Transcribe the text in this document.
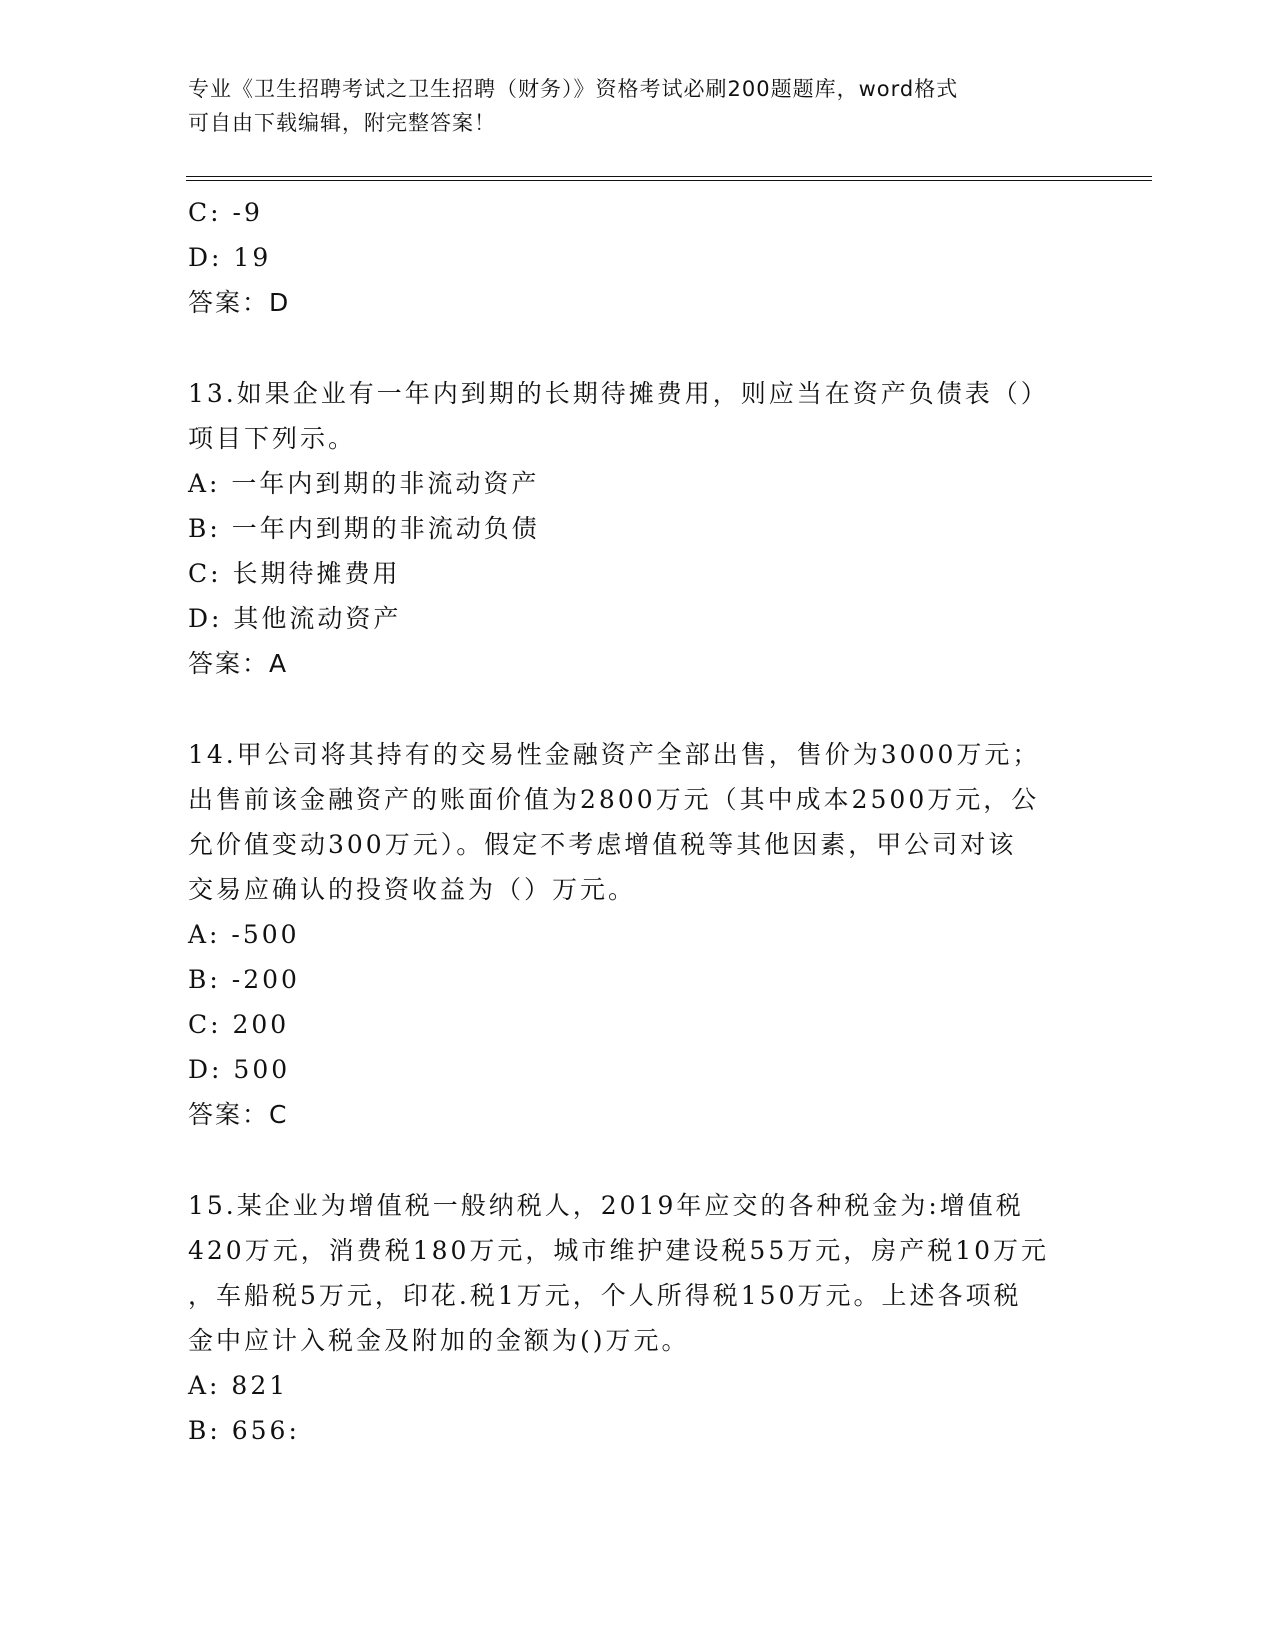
专业《卫生招聘考试之卫生招聘（财务）》资格考试必刷200题题库，word格式
可自由下载编辑，附完整答案！
C: -9
D: 19
答案：D
13.如果企业有一年内到期的长期待摊费用，则应当在资产负债表（）
项目下列示。
A: 一年内到期的非流动资产
B: 一年内到期的非流动负债
C: 长期待摊费用
D: 其他流动资产
答案：A
14.甲公司将其持有的交易性金融资产全部出售，售价为3000万元；
出售前该金融资产的账面价值为2800万元（其中成本2500万元，公
允价值变动300万元）。假定不考虑增值税等其他因素，甲公司对该
交易应确认的投资收益为（）万元。
A: -500
B: -200
C: 200
D: 500
答案：C
15.某企业为增值税一般纳税人，2019年应交的各种税金为:增值税
420万元，消费税180万元，城市维护建设税55万元，房产税10万元
，车船税5万元，印花.税1万元，个人所得税150万元。上述各项税
金中应计入税金及附加的金额为()万元。
A: 821
B: 656:
